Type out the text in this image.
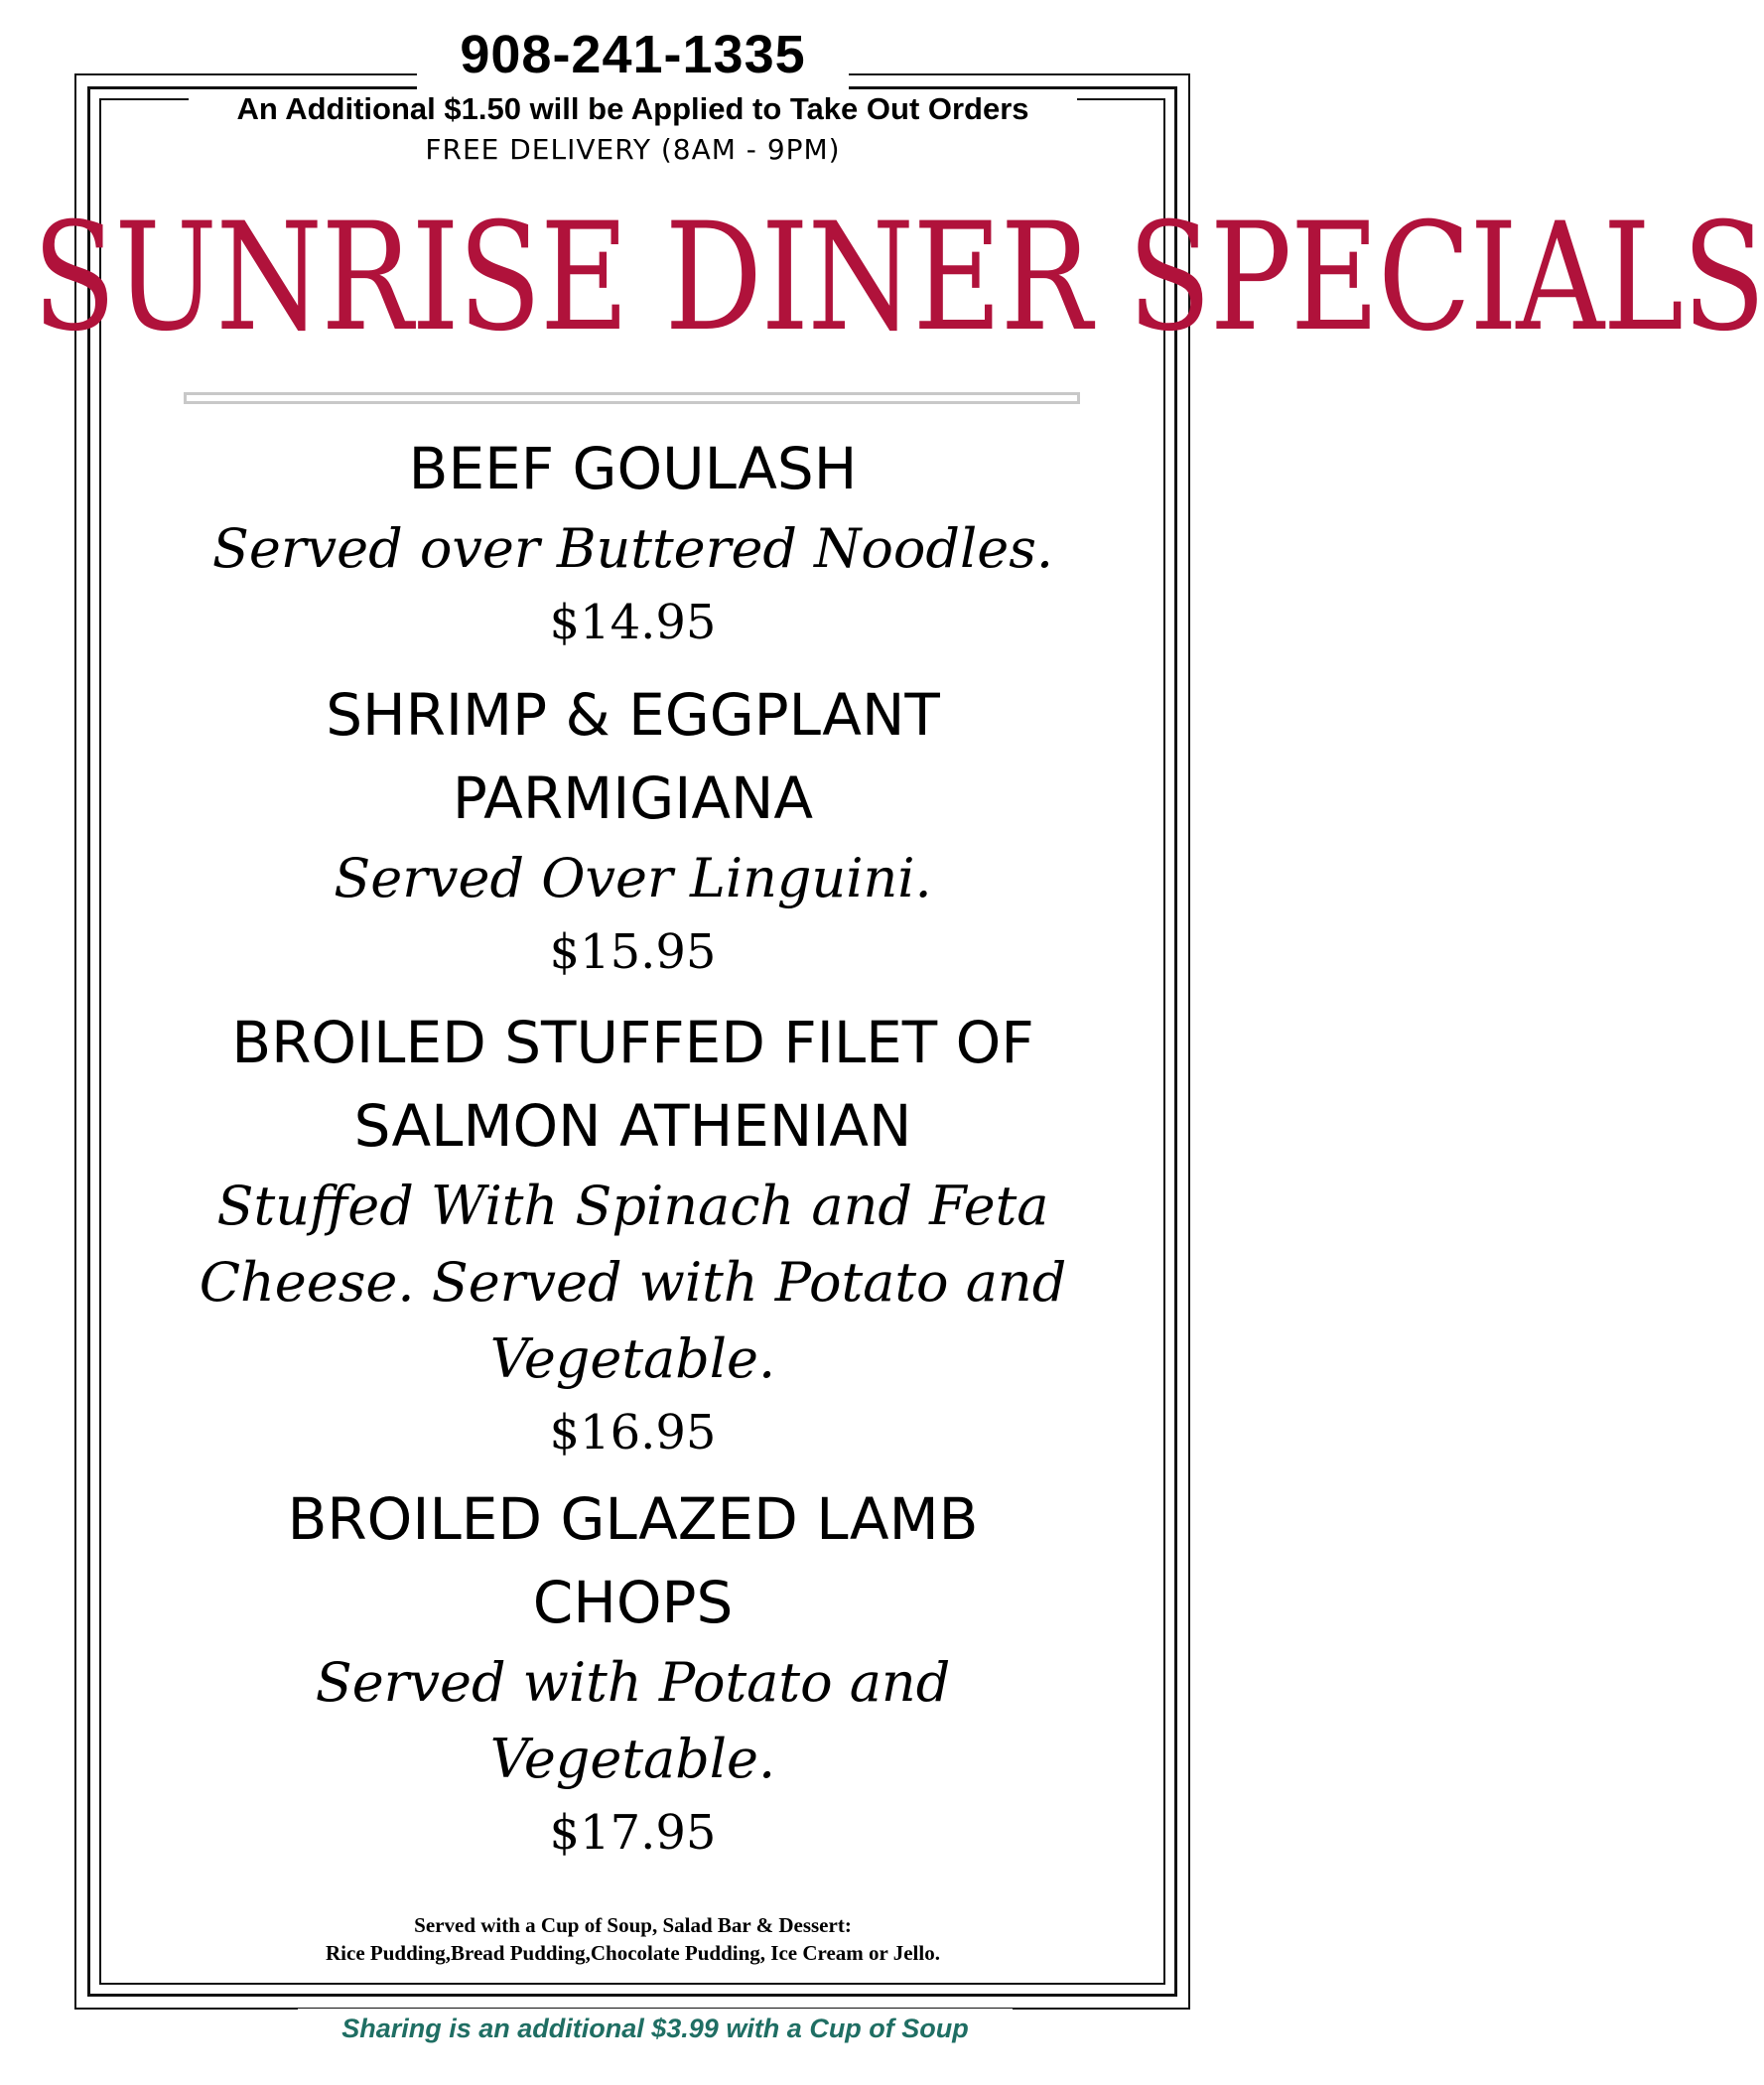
908-241-1335
An Additional $1.50 will be Applied to Take Out Orders
FREE DELIVERY (8AM - 9PM)
SUNRISE DINER SPECIALS

BEEF GOULASH

Served over Buttered Noodles.

$14.95

SHRIMP & EGGPLANT

PARMIGIANA

Served Over Linguini.

$15.95

BROILED STUFFED FILET OF

SALMON ATHENIAN

Stuffed With Spinach and Feta

Cheese. Served with Potato and

Vegetable.

$16.95

BROILED GLAZED LAMB

CHOPS

Served with Potato and Vegetable.

$17.95

Served with a Cup of Soup, Salad Bar & Dessert:
Rice Pudding,Bread Pudding,Chocolate Pudding, Ice Cream or Jello.
Sharing is an additional $3.99 with a Cup of Soup
